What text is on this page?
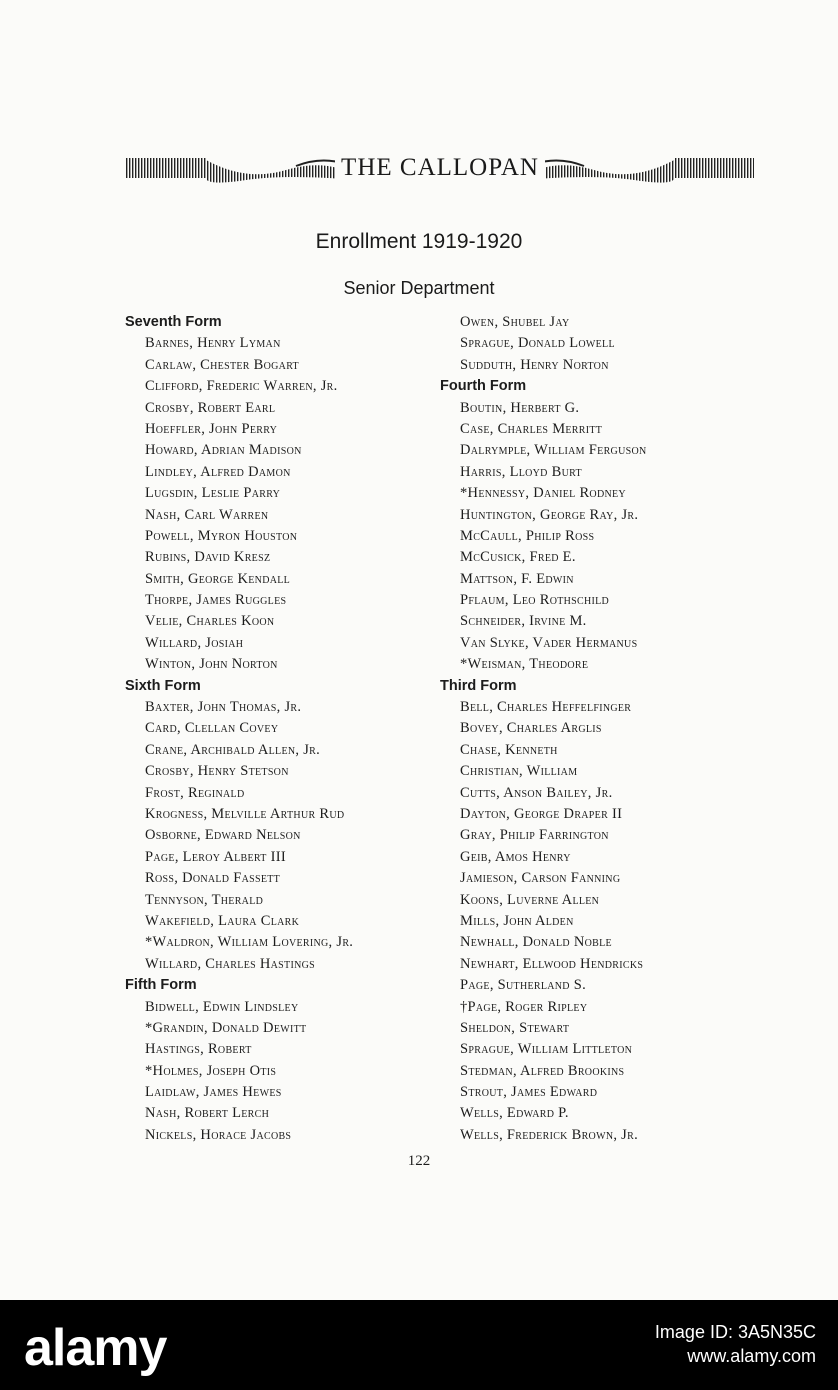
THE CALLOPAN
Enrollment 1919-1920
Senior Department
Seventh Form
Barnes, Henry Lyman
Carlaw, Chester Bogart
Clifford, Frederic Warren, Jr.
Crosby, Robert Earl
Hoeffler, John Perry
Howard, Adrian Madison
Lindley, Alfred Damon
Lugsdin, Leslie Parry
Nash, Carl Warren
Powell, Myron Houston
Rubins, David Kresz
Smith, George Kendall
Thorpe, James Ruggles
Velie, Charles Koon
Willard, Josiah
Winton, John Norton
Sixth Form
Baxter, John Thomas, Jr.
Card, Clellan Covey
Crane, Archibald Allen, Jr.
Crosby, Henry Stetson
Frost, Reginald
Krogness, Melville Arthur Rud
Osborne, Edward Nelson
Page, Leroy Albert III
Ross, Donald Fassett
Tennyson, Therald
Wakefield, Laura Clark
*Waldron, William Lovering, Jr.
Willard, Charles Hastings
Fifth Form
Bidwell, Edwin Lindsley
*Grandin, Donald Dewitt
Hastings, Robert
*Holmes, Joseph Otis
Laidlaw, James Hewes
Nash, Robert Lerch
Nickels, Horace Jacobs
Owen, Shubel Jay
Sprague, Donald Lowell
Sudduth, Henry Norton
Fourth Form
Boutin, Herbert G.
Case, Charles Merritt
Dalrymple, William Ferguson
Harris, Lloyd Burt
*Hennessy, Daniel Rodney
Huntington, George Ray, Jr.
McCaull, Philip Ross
McCusick, Fred E.
Mattson, F. Edwin
Pflaum, Leo Rothschild
Schneider, Irvine M.
Van Slyke, Vader Hermanus
*Weisman, Theodore
Third Form
Bell, Charles Heffelfinger
Bovey, Charles Arglis
Chase, Kenneth
Christian, William
Cutts, Anson Bailey, Jr.
Dayton, George Draper II
Gray, Philip Farrington
Geib, Amos Henry
Jamieson, Carson Fanning
Koons, Luverne Allen
Mills, John Alden
Newhall, Donald Noble
Newhart, Ellwood Hendricks
Page, Sutherland S.
†Page, Roger Ripley
Sheldon, Stewart
Sprague, William Littleton
Stedman, Alfred Brookins
Strout, James Edward
Wells, Edward P.
Wells, Frederick Brown, Jr.
122
alamy	Image ID: 3A5N35C
www.alamy.com
